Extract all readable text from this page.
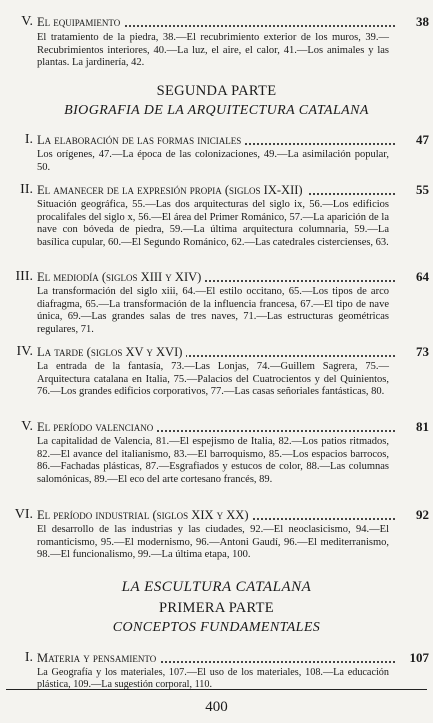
V. El equipamiento	38
El tratamiento de la piedra, 38.—El recubrimiento exterior de los muros, 39.—Recubrimientos interiores, 40.—La luz, el aire, el calor, 41.—Los animales y las plantas. La jardinería, 42.
SEGUNDA PARTE
BIOGRAFIA DE LA ARQUITECTURA CATALANA
I. La elaboración de las formas iniciales	47
Los orígenes, 47.—La época de las colonizaciones, 49.—La asimilación popular, 50.
II. El amanecer de la expresión propia (siglos IX-XII)	55
Situación geográfica, 55.—Las dos arquitecturas del siglo ix, 56.—Los edificios procalifales del siglo x, 56.—El área del Primer Románico, 57.—La aparición de la nave con bóveda de piedra, 59.—La última arquitectura columnaria, 59.—La basílica cupular, 60.—El Segundo Románico, 62.—Las catedrales cistercienses, 63.
III. El mediodía (siglos XIII y XIV)	64
La transformación del siglo xiii, 64.—El estilo occitano, 65.—Los tipos de arco diafragma, 65.—La transformación de la influencia francesa, 67.—El tipo de nave única, 69.—Las grandes salas de tres naves, 71.—Las estructuras geométricas regulares, 71.
IV. La tarde (siglos XV y XVI)	73
La entrada de la fantasía, 73.—Las Lonjas, 74.—Guillem Sagrera, 75.—Arquitectura catalana en Italia, 75.—Palacios del Cuatrocientos y del Quinientos, 76.—Los grandes edificios corporativos, 77.—Las casas señoriales fantásticas, 80.
V. El período valenciano	81
La capitalidad de Valencia, 81.—El espejismo de Italia, 82.—Los patios ritmados, 82.—El avance del italianismo, 83.—El barroquismo, 85.—Los espacios barrocos, 86.—Fachadas plásticas, 87.—Esgrafiados y estucos de color, 88.—Las columnas salomónicas, 89.—El eco del arte cortesano francés, 89.
VI. El período industrial (siglos XIX y XX)	92
El desarrollo de las industrias y las ciudades, 92.—El neoclasicismo, 94.—El romanticismo, 95.—El modernismo, 96.—Antoni Gaudí, 96.—El mediterranismo, 98.—El funcionalismo, 99.—La última etapa, 100.
LA ESCULTURA CATALANA
PRIMERA PARTE
CONCEPTOS FUNDAMENTALES
I. Materia y pensamiento	107
La Geografía y los materiales, 107.—El uso de los materiales, 108.—La educación plástica, 109.—La sugestión corporal, 110.
400
